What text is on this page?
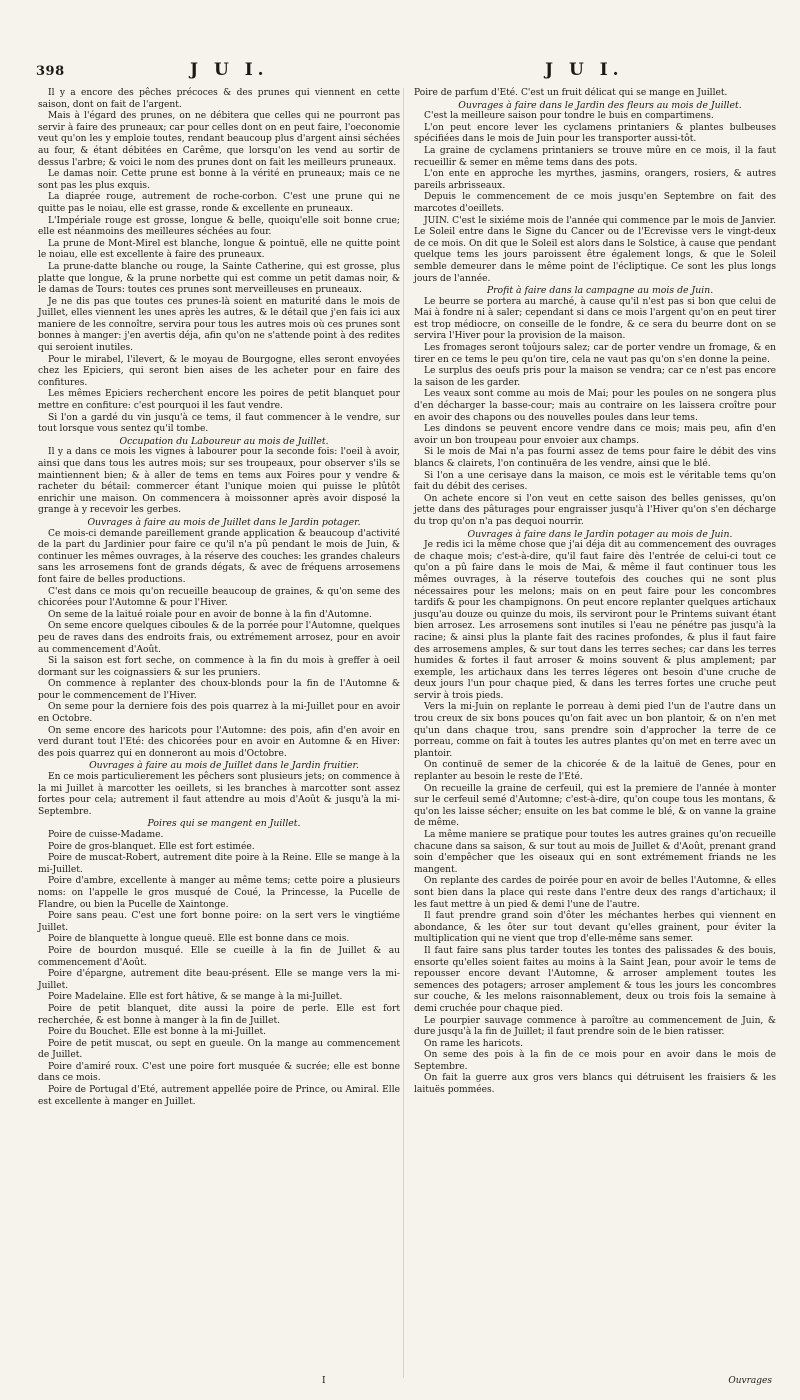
398	J U I.	J U I.

Il y a encore des pêches précoces & des prunes qui viennent en cette saison, dont on fait de l'argent.

Mais à l'égard des prunes, on ne débitera que celles qui ne pourront pas servir à faire des pruneaux; car pour celles dont on en peut faire, l'oeconomie veut qu'on les y emploie toutes, rendant beaucoup plus d'argent ainsi séchées au four, & étant débitées en Carême, que lorsqu'on les vend au sortir de dessus l'arbre; & voici le nom des prunes dont on fait les meilleurs pruneaux.

Le damas noir. Cette prune est bonne à la vérité en pruneaux; mais ce ne sont pas les plus exquis.

La diaprée rouge, autrement de roche-corbon. C'est une prune qui ne quitte pas le noiau, elle est grasse, ronde & excellente en pruneaux.

L'Impériale rouge est grosse, longue & belle, quoiqu'elle soit bonne crue; elle est néanmoins des meilleures séchées au four.

La prune de Mont-Mirel est blanche, longue & pointuë, elle ne quitte point le noiau, elle est excellente à faire des pruneaux.

La prune-datte blanche ou rouge, la Sainte Catherine, qui est grosse, plus platte que longue, & la prune norbette qui est comme un petit damas noir, & le damas de Tours: toutes ces prunes sont merveilleuses en pruneaux.

Je ne dis pas que toutes ces prunes-là soient en maturité dans le mois de Juillet, elles viennent les unes après les autres, & le détail que j'en fais ici aux maniere de les connoître, servira pour tous les autres mois où ces prunes sont bonnes à manger: j'en avertis déja, afin qu'on ne s'attende point à des redites qui seroient inutiles.

Pour le mirabel, l'ilevert, & le moyau de Bourgogne, elles seront envoyées chez les Epiciers, qui seront bien aises de les acheter pour en faire des confitures.

Les mêmes Epiciers recherchent encore les poires de petit blanquet pour mettre en confiture: c'est pourquoi il les faut vendre.

Si l'on a gardé du vin jusqu'à ce tems, il faut commencer à le vendre, sur tout lorsque vous sentez qu'il tombe.

Occupation du Laboureur au mois de Juillet.

Il y a dans ce mois les vignes à labourer pour la seconde fois: l'oeil à avoir, ainsi que dans tous les autres mois; sur ses troupeaux, pour observer s'ils se maintiennent bien; & à aller de tems en tems aux Foires pour y vendre & racheter du bétail: commercer étant l'unique moien qui puisse le plûtôt enrichir une maison. On commencera à moissonner après avoir disposé la grange à y recevoir les gerbes.

Ouvrages à faire au mois de Juillet dans le Jardin potager.

Ce mois-ci demande pareillement grande application & beaucoup d'activité de la part du Jardinier pour faire ce qu'il n'a pû pendant le mois de Juin, & continuer les mêmes ouvrages, à la réserve des couches: les grandes chaleurs sans les arrosemens font de grands dégats, & avec de fréquens arrosemens font faire de belles productions.

C'est dans ce mois qu'on recueille beaucoup de graines, & qu'on seme des chicorées pour l'Automne & pour l'Hiver.

On seme de la laitué roiale pour en avoir de bonne à la fin d'Automne.

On seme encore quelques ciboules & de la porrée pour l'Automne, quelques peu de raves dans des endroits frais, ou extrémement arrosez, pour en avoir au commencement d'Août.

Si la saison est fort seche, on commence à la fin du mois à greffer à oeil dormant sur les coignassiers & sur les pruniers.

On commence à replanter des choux-blonds pour la fin de l'Automne & pour le commencement de l'Hiver.

On seme pour la derniere fois des pois quarrez à la mi-Juillet pour en avoir en Octobre.

On seme encore des haricots pour l'Automne: des pois, afin d'en avoir en verd durant tout l'Eté: des chicorées pour en avoir en Automne & en Hiver: des pois quarrez qui en donneront au mois d'Octobre.

Ouvrages à faire au mois de Juillet dans le Jardin fruitier.

En ce mois particulierement les pêchers sont plusieurs jets; on commence à la mi Juillet à marcotter les oeillets, si les branches à marcotter sont assez fortes pour cela; autrement il faut attendre au mois d'Août & jusqu'à la mi-Septembre.

Poires qui se mangent en Juillet.

Poire de cuisse-Madame.

Poire de gros-blanquet. Elle est fort estimée.

Poire de muscat-Robert, autrement dite poire à la Reine. Elle se mange à la mi-Juillet.

Poire d'ambre, excellente à manger au même tems; cette poire a plusieurs noms: on l'appelle le gros musqué de Coué, la Princesse, la Pucelle de Flandre, ou bien la Pucelle de Xaintonge.

Poire sans peau. C'est une fort bonne poire: on la sert vers le vingtiéme Juillet.

Poire de blanquette à longue queuë. Elle est bonne dans ce mois.

Poire de bourdon musqué. Elle se cueille à la fin de Juillet & au commencement d'Août.

Poire d'épargne, autrement dite beau-présent. Elle se mange vers la mi-Juillet.

Poire Madelaine. Elle est fort hâtive, & se mange à la mi-Juillet.

Poire de petit blanquet, dite aussi la poire de perle. Elle est fort recherchée, & est bonne à manger à la fin de Juillet.

Poire du Bouchet. Elle est bonne à la mi-Juillet.

Poire de petit muscat, ou sept en gueule. On la mange au commencement de Juillet.

Poire d'amiré roux. C'est une poire fort musquée & sucrée; elle est bonne dans ce mois.

Poire de Portugal d'Eté, autrement appellée poire de Prince, ou Amiral. Elle est excellente à manger en Juillet.

Poire de parfum d'Eté. C'est un fruit délicat qui se mange en Juillet.

Ouvrages à faire dans le Jardin des fleurs au mois de Juillet.

C'est la meilleure saison pour tondre le buis en compartimens.

L'on peut encore lever les cyclamens printaniers & plantes bulbeuses spécifiées dans le mois de Juin pour les transporter aussi-tôt.

La graine de cyclamens printaniers se trouve mûre en ce mois, il la faut recueillir & semer en même tems dans des pots.

L'on ente en approche les myrthes, jasmins, orangers, rosiers, & autres pareils arbrisseaux.

Depuis le commencement de ce mois jusqu'en Septembre on fait des marcotes d'oeillets.

JUIN. C'est le sixiéme mois de l'année qui commence par le mois de Janvier. Le Soleil entre dans le Signe du Cancer ou de l'Ecrevisse vers le vingt-deux de ce mois. On dit que le Soleil est alors dans le Solstice, à cause que pendant quelque tems les jours paroissent être également longs, & que le Soleil semble demeurer dans le même point de l'écliptique. Ce sont les plus longs jours de l'année.

Profit à faire dans la campagne au mois de Juin.

Le beurre se portera au marché, à cause qu'il n'est pas si bon que celui de Mai à fondre ni à saler; cependant si dans ce mois l'argent qu'on en peut tirer est trop médiocre, on conseille de le fondre, & ce sera du beurre dont on se servira l'Hiver pour la provision de la maison.

Les fromages seront toûjours salez; car de porter vendre un fromage, & en tirer en ce tems le peu qu'on tire, cela ne vaut pas qu'on s'en donne la peine.

Le surplus des oeufs pris pour la maison se vendra; car ce n'est pas encore la saison de les garder.

Les veaux sont comme au mois de Mai; pour les poules on ne songera plus d'en décharger la basse-cour; mais au contraire on les laissera croître pour en avoir des chapons ou des nouvelles poules dans leur tems.

Les dindons se peuvent encore vendre dans ce mois; mais peu, afin d'en avoir un bon troupeau pour envoier aux champs.

Si le mois de Mai n'a pas fourni assez de tems pour faire le débit des vins blancs & clairets, l'on continuëra de les vendre, ainsi que le blé.

Si l'on a une cerisaye dans la maison, ce mois est le véritable tems qu'on fait du débit des cerises.

On achete encore si l'on veut en cette saison des belles genisses, qu'on jette dans des pâturages pour engraisser jusqu'à l'Hiver qu'on s'en décharge du trop qu'on n'a pas dequoi nourrir.

Ouvrages à faire dans le Jardin potager au mois de Juin.

Je redis ici la même chose que j'ai déja dit au commencement des ouvrages de chaque mois; c'est-à-dire, qu'il faut faire dès l'entrée de celui-ci tout ce qu'on a pû faire dans le mois de Mai, & même il faut continuer tous les mêmes ouvrages, à la réserve toutefois des couches qui ne sont plus nécessaires pour les melons; mais on en peut faire pour les concombres tardifs & pour les champignons. On peut encore replanter quelques artichaux jusqu'au douze ou quinze du mois, ils serviront pour le Printems suivant étant bien arrosez. Les arrosemens sont inutiles si l'eau ne pénétre pas jusqu'à la racine; & ainsi plus la plante fait des racines profondes, & plus il faut faire des arrosemens amples, & sur tout dans les terres seches; car dans les terres humides & fortes il faut arroser & moins souvent & plus amplement; par exemple, les artichaux dans les terres légeres ont besoin d'une cruche de deux jours l'un pour chaque pied, & dans les terres fortes une cruche peut servir à trois pieds.

Vers la mi-Juin on replante le porreau à demi pied l'un de l'autre dans un trou creux de six bons pouces qu'on fait avec un bon plantoir, & on n'en met qu'un dans chaque trou, sans prendre soin d'approcher la terre de ce porreau, comme on fait à toutes les autres plantes qu'on met en terre avec un plantoir.

On continuë de semer de la chicorée & de la laituë de Genes, pour en replanter au besoin le reste de l'Eté.

On recueille la graine de cerfeuil, qui est la premiere de l'année à monter sur le cerfeuil semé d'Automne; c'est-à-dire, qu'on coupe tous les montans, & qu'on les laisse sécher; ensuite on les bat comme le blé, & on vanne la graine de même.

La même maniere se pratique pour toutes les autres graines qu'on recueille chacune dans sa saison, & sur tout au mois de Juillet & d'Août, prenant grand soin d'empêcher que les oiseaux qui en sont extrémement friands ne les mangent.

On replante des cardes de poirée pour en avoir de belles l'Automne, & elles sont bien dans la place qui reste dans l'entre deux des rangs d'artichaux; il les faut mettre à un pied & demi l'une de l'autre.

Il faut prendre grand soin d'ôter les méchantes herbes qui viennent en abondance, & les ôter sur tout devant qu'elles grainent, pour éviter la multiplication qui ne vient que trop d'elle-même sans semer.

Il faut faire sans plus tarder toutes les tontes des palissades & des bouis, ensorte qu'elles soient faites au moins à la Saint Jean, pour avoir le tems de repousser encore devant l'Automne, & arroser amplement toutes les semences des potagers; arroser amplement & tous les jours les concombres sur couche, & les melons raisonnablement, deux ou trois fois la semaine à demi cruchée pour chaque pied.

Le pourpier sauvage commence à paroître au commencement de Juin, & dure jusqu'à la fin de Juillet; il faut prendre soin de le bien ratisser.

On rame les haricots.

On seme des pois à la fin de ce mois pour en avoir dans le mois de Septembre.

On fait la guerre aux gros vers blancs qui détruisent les fraisiers & les laituës pommées.

I	Ouvrages
